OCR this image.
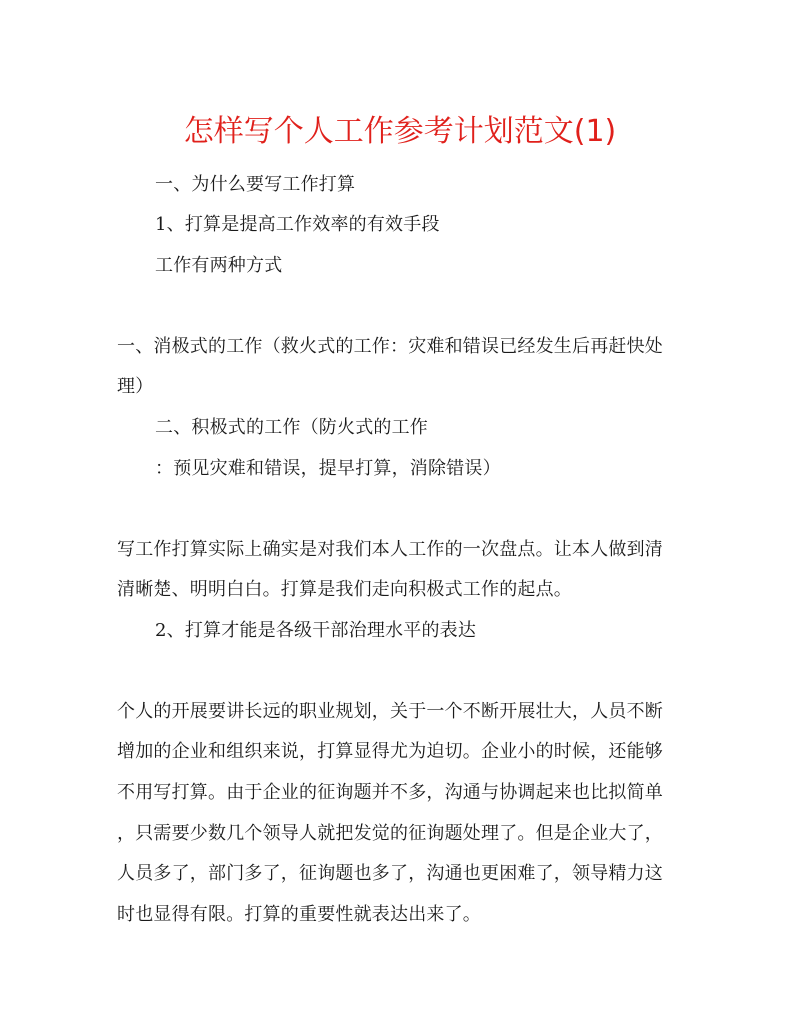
怎样写个人工作参考计划范文(1)
一、为什么要写工作打算
1、打算是提高工作效率的有效手段
工作有两种方式
一、消极式的工作（救火式的工作：灾难和错误已经发生后再赶快处
理）
二、积极式的工作（防火式的工作
：预见灾难和错误，提早打算，消除错误）
写工作打算实际上确实是对我们本人工作的一次盘点。让本人做到清
清晰楚、明明白白。打算是我们走向积极式工作的起点。
2、打算才能是各级干部治理水平的表达
个人的开展要讲长远的职业规划，关于一个不断开展壮大，人员不断
增加的企业和组织来说，打算显得尤为迫切。企业小的时候，还能够
不用写打算。由于企业的征询题并不多，沟通与协调起来也比拟简单
，只需要少数几个领导人就把发觉的征询题处理了。但是企业大了，
人员多了，部门多了，征询题也多了，沟通也更困难了，领导精力这
时也显得有限。打算的重要性就表达出来了。
